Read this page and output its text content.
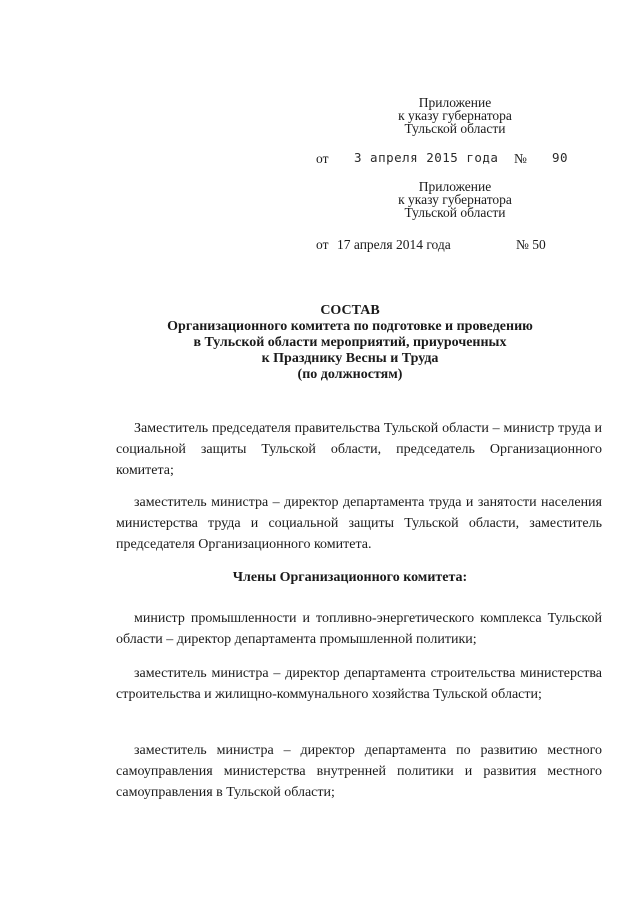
Приложение
к указу губернатора
Тульской области
от 3 апреля 2015 года № 90
Приложение
к указу губернатора
Тульской области
от 17 апреля 2014 года	№ 50
СОСТАВ
Организационного комитета по подготовке и проведению
в Тульской области мероприятий, приуроченных
к Празднику Весны и Труда
(по должностям)
Заместитель председателя правительства Тульской области – министр труда и социальной защиты Тульской области, председатель Организационного комитета;
заместитель министра – директор департамента труда и занятости населения министерства труда и социальной защиты Тульской области, заместитель председателя Организационного комитета.
Члены Организационного комитета:
министр промышленности и топливно-энергетического комплекса Тульской области – директор департамента промышленной политики;
заместитель министра – директор департамента строительства министерства строительства и жилищно-коммунального хозяйства Тульской области;
заместитель министра – директор департамента по развитию местного самоуправления министерства внутренней политики и развития местного самоуправления в Тульской области;
